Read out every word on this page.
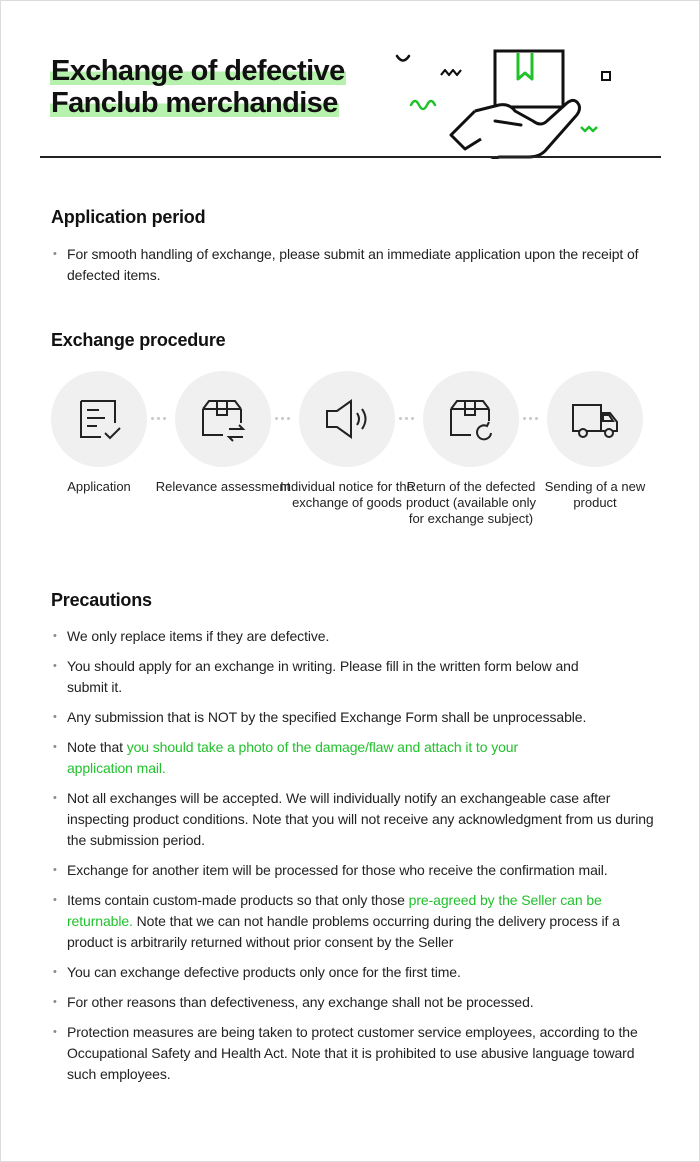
Exchange of defective
Fanclub merchandise
Application period
• For smooth handling of exchange, please submit an immediate application upon the receipt of defected items.
Exchange procedure
Application	Relevance assessment
Individual notice for the exchange of goods
Return of the defected product (available only for exchange subject)
Sending of a new product
Precautions
• We only replace items if they are defective.
• You should apply for an exchange in writing. Please fill in the written form below and submit it.
• Any submission that is NOT by the specified Exchange Form shall be unprocessable.
• Note that you should take a photo of the damage/flaw and attach it to your application mail.
• Not all exchanges will be accepted. We will individually notify an exchangeable case after inspecting product conditions. Note that you will not receive any acknowledgment from us during the submission period.
• Exchange for another item will be processed for those who receive the confirmation mail.
• Items contain custom-made products so that only those pre-agreed by the Seller can be returnable. Note that we can not handle problems occurring during the delivery process if a product is arbitrarily returned without prior consent by the Seller
• You can exchange defective products only once for the first time.
• For other reasons than defectiveness, any exchange shall not be processed.
• Protection measures are being taken to protect customer service employees, according to the Occupational Safety and Health Act. Note that it is prohibited to use abusive language toward such employees.
